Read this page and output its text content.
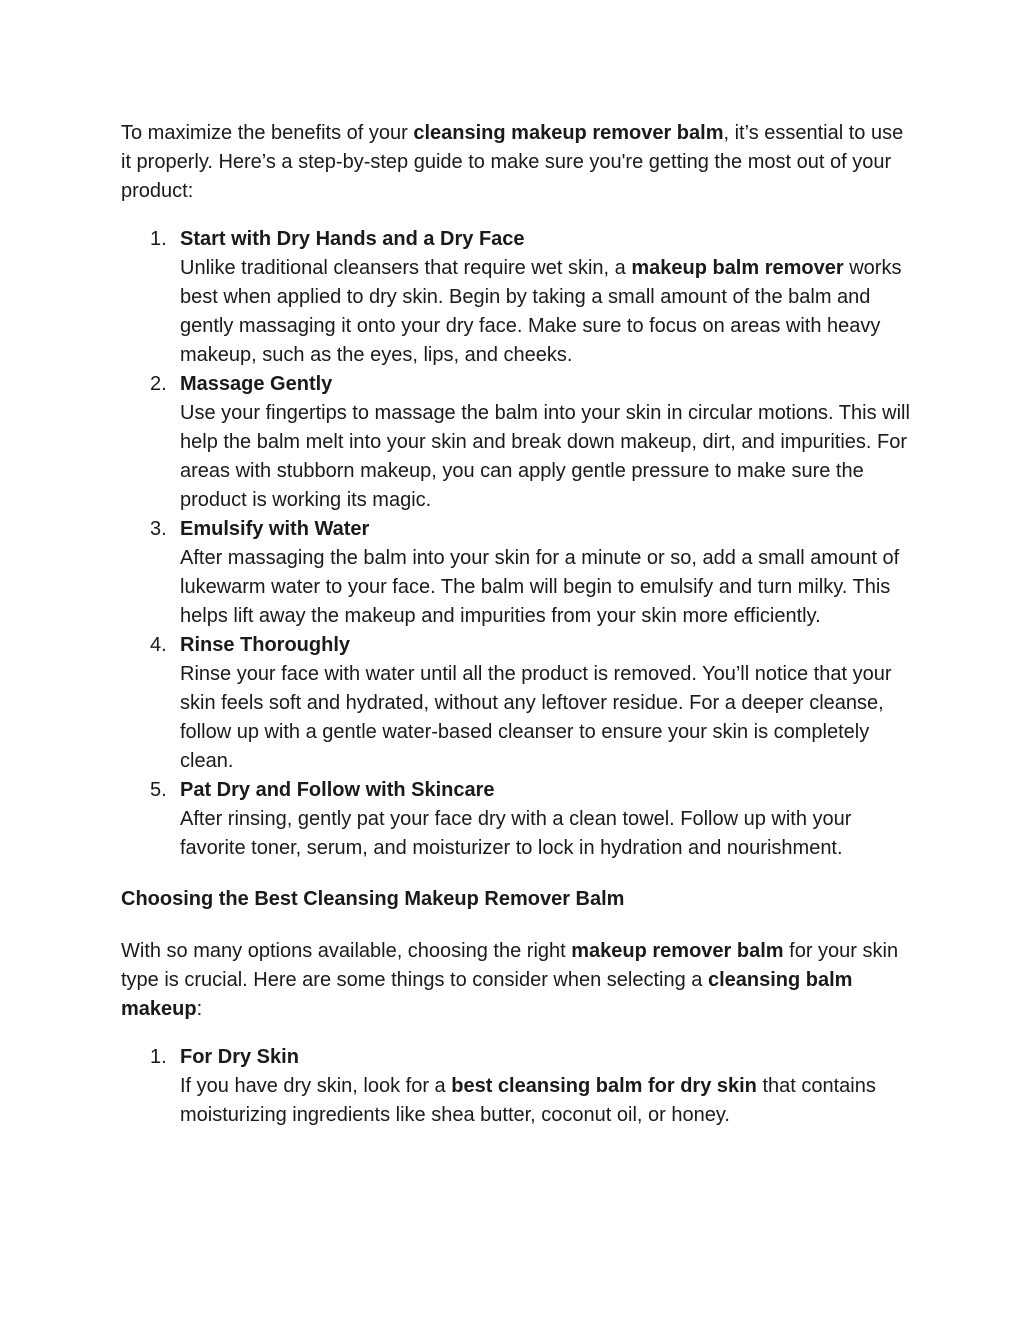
To maximize the benefits of your cleansing makeup remover balm, it’s essential to use it properly. Here’s a step-by-step guide to make sure you're getting the most out of your product:

1. Start with Dry Hands and a Dry Face
Unlike traditional cleansers that require wet skin, a makeup balm remover works best when applied to dry skin. Begin by taking a small amount of the balm and gently massaging it onto your dry face. Make sure to focus on areas with heavy makeup, such as the eyes, lips, and cheeks.
2. Massage Gently
Use your fingertips to massage the balm into your skin in circular motions. This will help the balm melt into your skin and break down makeup, dirt, and impurities. For areas with stubborn makeup, you can apply gentle pressure to make sure the product is working its magic.
3. Emulsify with Water
After massaging the balm into your skin for a minute or so, add a small amount of lukewarm water to your face. The balm will begin to emulsify and turn milky. This helps lift away the makeup and impurities from your skin more efficiently.
4. Rinse Thoroughly
Rinse your face with water until all the product is removed. You’ll notice that your skin feels soft and hydrated, without any leftover residue. For a deeper cleanse, follow up with a gentle water-based cleanser to ensure your skin is completely clean.
5. Pat Dry and Follow with Skincare
After rinsing, gently pat your face dry with a clean towel. Follow up with your favorite toner, serum, and moisturizer to lock in hydration and nourishment.
Choosing the Best Cleansing Makeup Remover Balm

With so many options available, choosing the right makeup remover balm for your skin type is crucial. Here are some things to consider when selecting a cleansing balm makeup:

1. For Dry Skin
If you have dry skin, look for a best cleansing balm for dry skin that contains moisturizing ingredients like shea butter, coconut oil, or honey.
